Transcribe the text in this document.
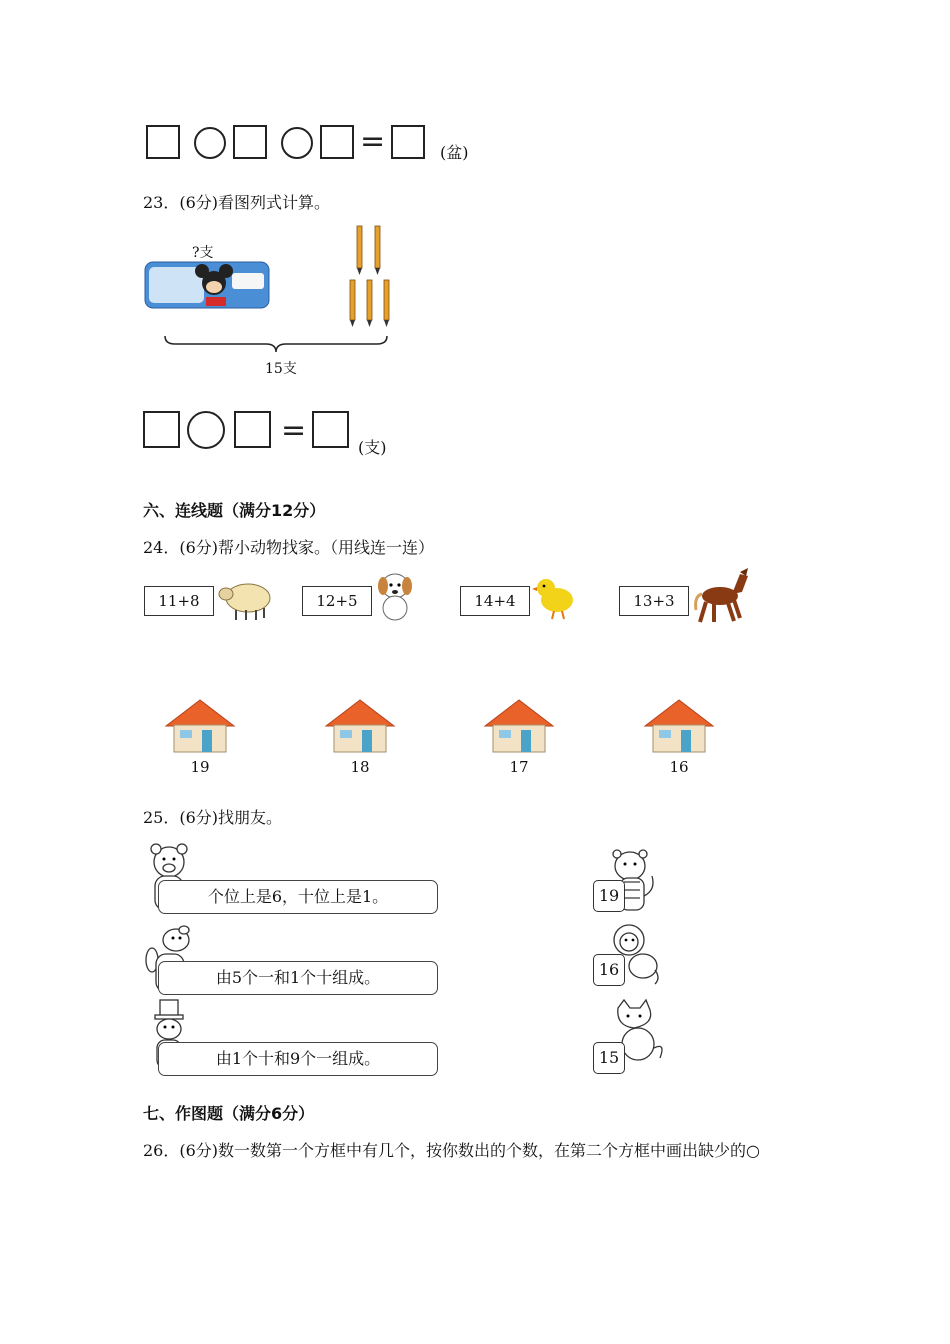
=	(盆)
23．(6分)看图列式计算。
?支
15支
=	(支)
六、连线题（满分12分）
24．(6分)帮小动物找家。（用线连一连）
11+8	12+5	14+4	13+3
19	18	17	16
25．(6分)找朋友。
个位上是6，十位上是1。
由5个一和1个十组成。
由1个十和9个一组成。
19
16
15
七、作图题（满分6分）
26．(6分)数一数第一个方框中有几个，按你数出的个数，在第二个方框中画出缺少的○
